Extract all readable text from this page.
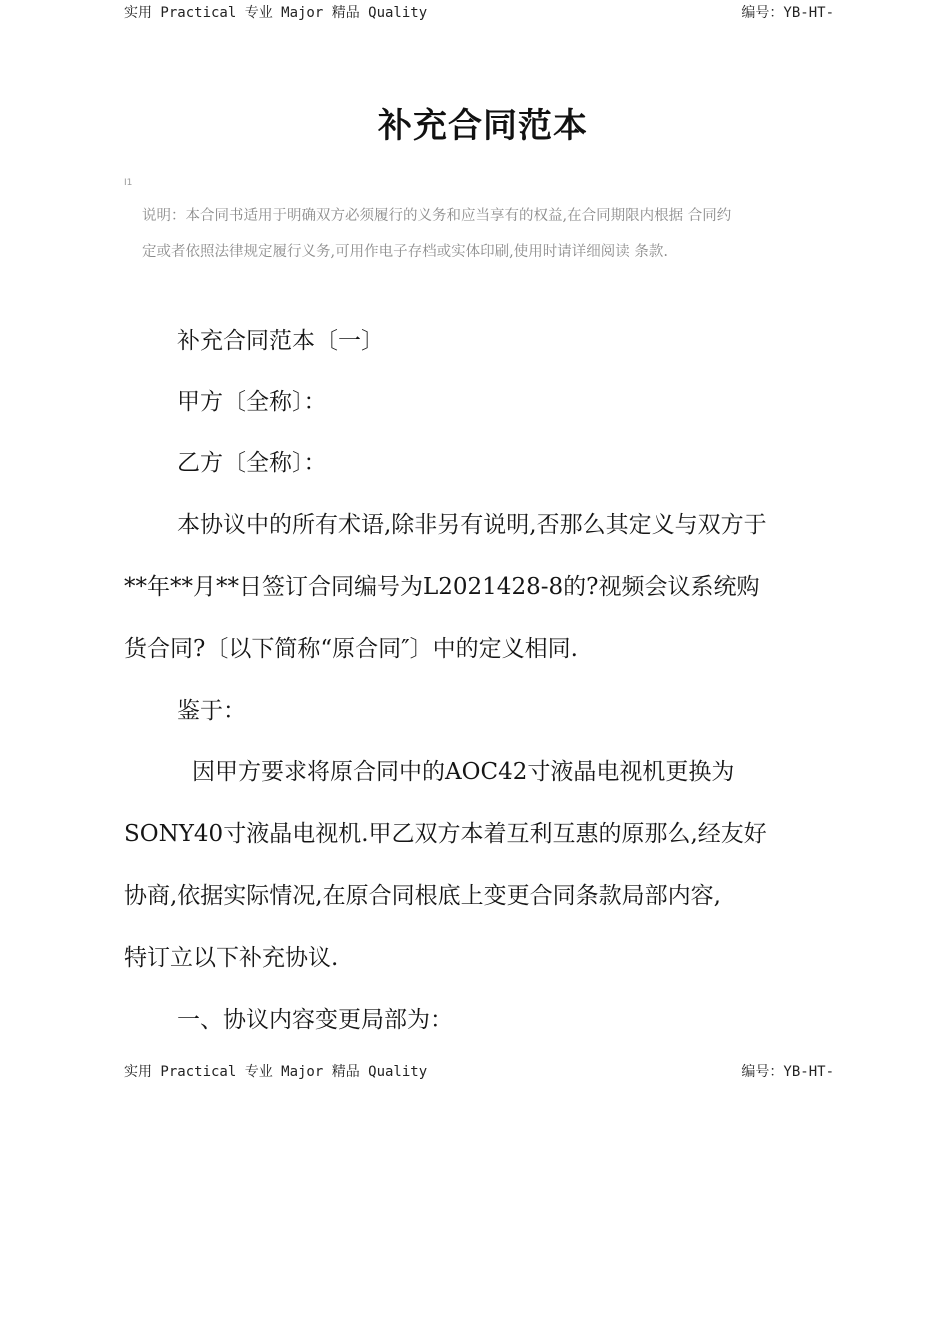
实用 Practical 专业 Major 精品 Quality	编号：YB-HT-
补充合同范本
I1
说明：本合同书适用于明确双方必须履行的义务和应当享有的权益,在合同期限内根据 合同约
定或者依照法律规定履行义务,可用作电子存档或实体印刷,使用时请详细阅读 条款.
补充合同范本〔一〕
甲方〔全称〕：
乙方〔全称〕：
本协议中的所有术语,除非另有说明,否那么其定义与双方于
**年**月**日签订合同编号为L2021428-8的?视频会议系统购
货合同?〔以下简称“原合同″〕中的定义相同.
鉴于：
因甲方要求将原合同中的AOC42寸液晶电视机更换为
SONY40寸液晶电视机.甲乙双方本着互利互惠的原那么,经友好
协商,依据实际情况,在原合同根底上变更合同条款局部内容,
特订立以下补充协议.
一、协议内容变更局部为：
实用 Practical 专业 Major 精品 Quality	编号：YB-HT-
